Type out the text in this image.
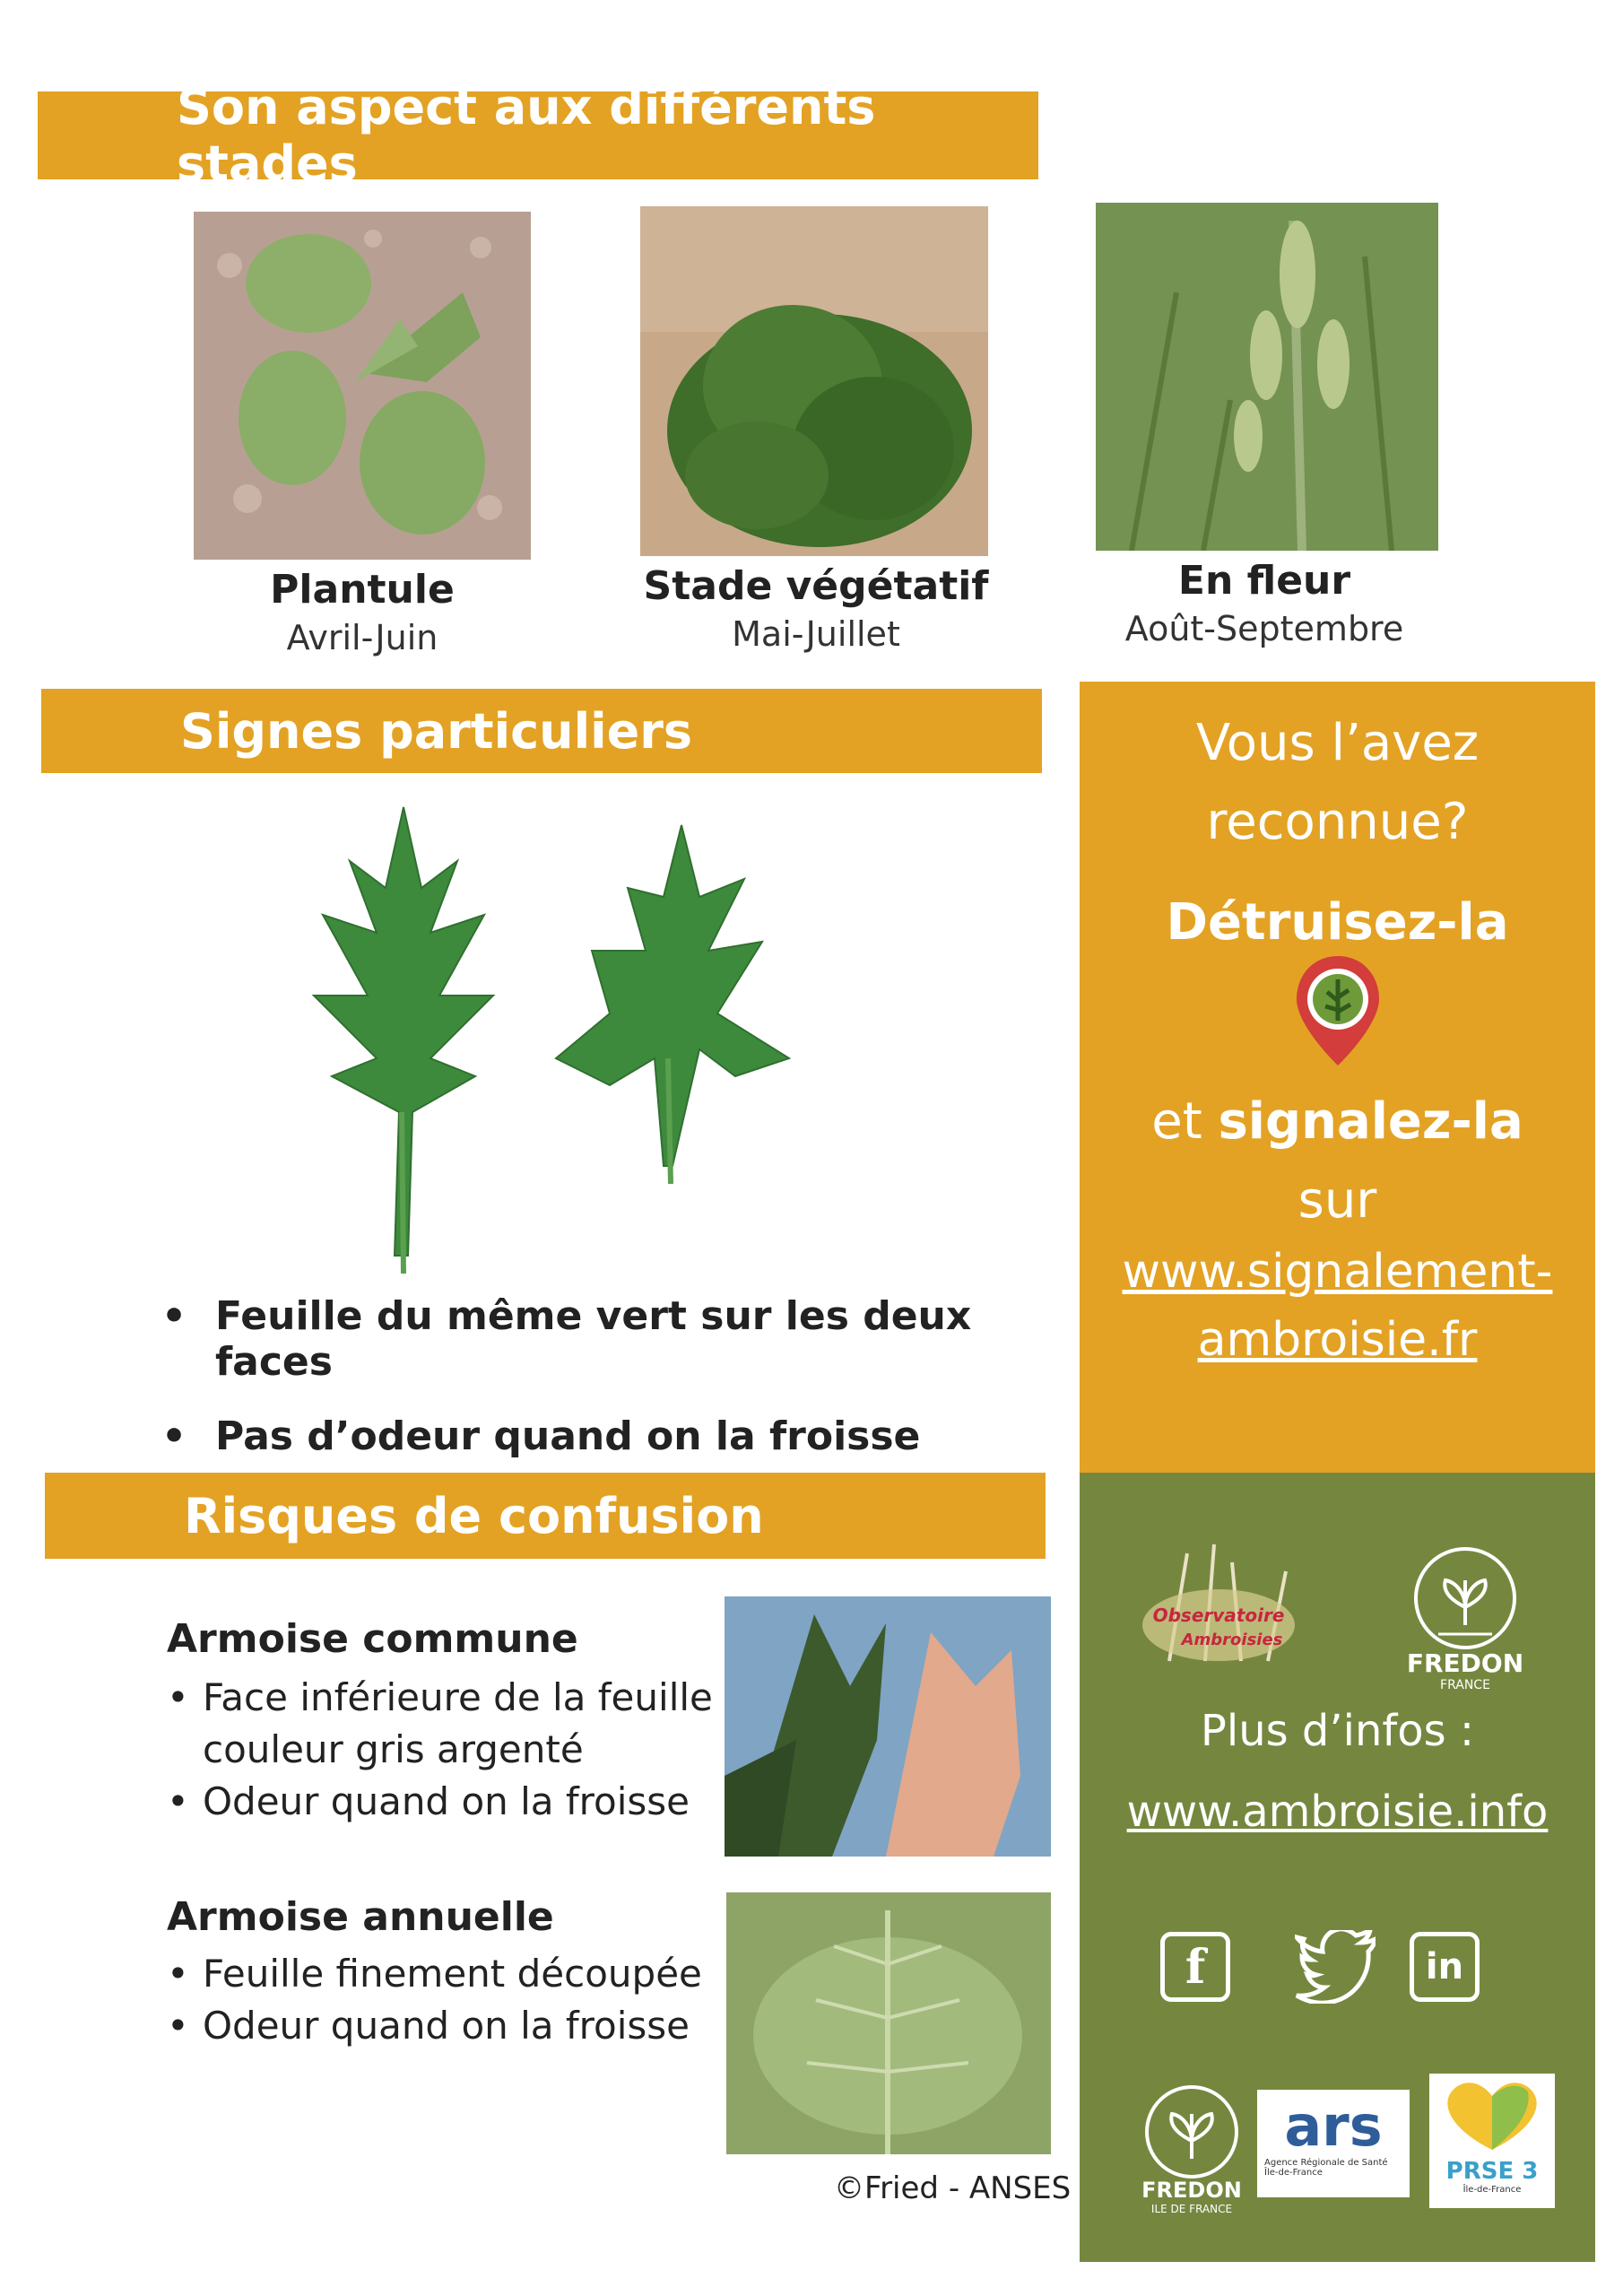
Son aspect aux différents stades
Plantule
Avril-Juin
Stade végétatif
Mai-Juillet
En fleur
Août-Septembre
Signes particuliers
• Feuille du même vert sur les deux faces
• Pas d’odeur quand on la froisse
Risques de confusion
Armoise commune
• Face inférieure de la feuille couleur gris argenté
• Odeur quand on la froisse
Armoise annuelle
• Feuille finement découpée
• Odeur quand on la froisse
©Fried - ANSES
Vous l’avez
reconnue?
Détruisez-la
et signalez-la
sur
www.signalement-
ambroisie.fr
Observatoire
Ambroisies
FREDON
FRANCE
Plus d’infos :
www.ambroisie.info
f	in
FREDON
ILE DE FRANCE
ars
Agence Régionale de Santé Île-de-France	PRSE 3
Île-de-France
